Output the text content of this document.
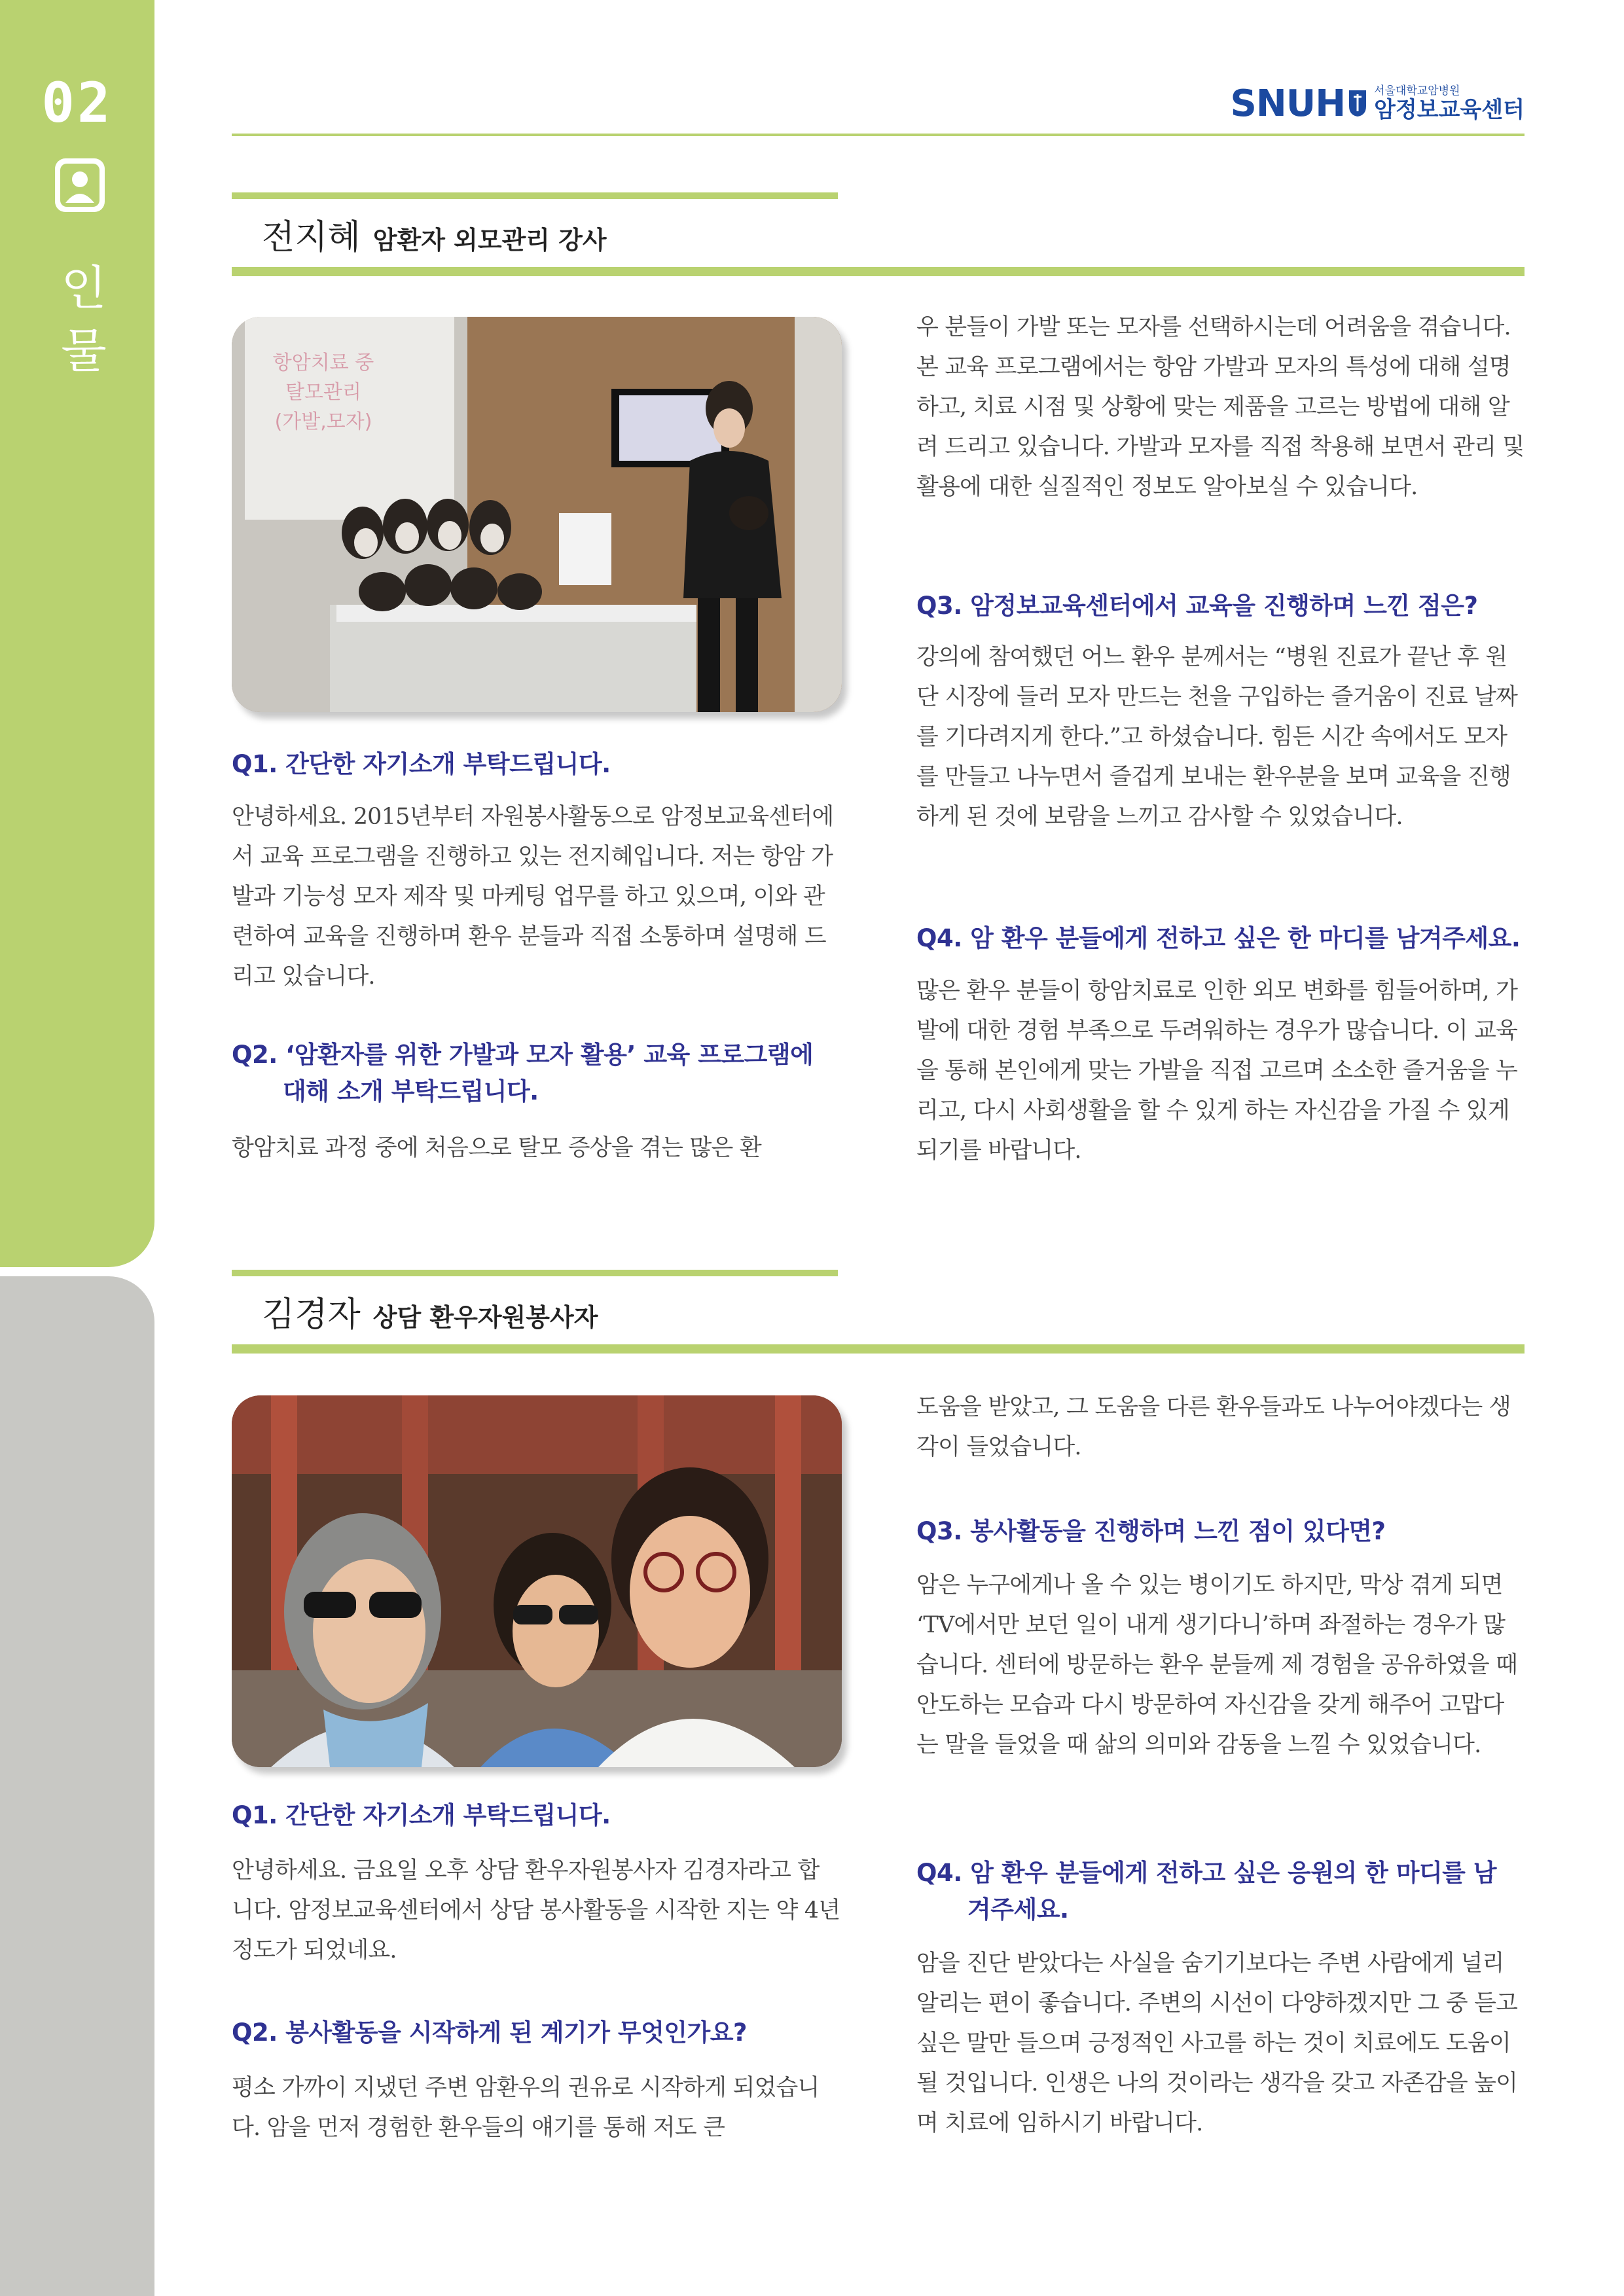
02
인
물
SNUH	서울대학교암병원
암정보교육센터
전지혜 암환자 외모관리 강사
항암치료 중
탈모관리
(가발,모자)
Q1. 간단한 자기소개 부탁드립니다.

안녕하세요. 2015년부터 자원봉사활동으로 암정보교육센터에서 교육 프로그램을 진행하고 있는 전지혜입니다. 저는 항암 가발과 기능성 모자 제작 및 마케팅 업무를 하고 있으며, 이와 관련하여 교육을 진행하며 환우 분들과 직접 소통하며 설명해 드리고 있습니다.

Q2. ‘암환자를 위한 가발과 모자 활용’ 교육 프로그램에
대해 소개 부탁드립니다.

항암치료 과정 중에 처음으로 탈모 증상을 겪는 많은 환

우 분들이 가발 또는 모자를 선택하시는데 어려움을 겪습니다. 본 교육 프로그램에서는 항암 가발과 모자의 특성에 대해 설명하고, 치료 시점 및 상황에 맞는 제품을 고르는 방법에 대해 알려 드리고 있습니다. 가발과 모자를 직접 착용해 보면서 관리 및 활용에 대한 실질적인 정보도 알아보실 수 있습니다.

Q3. 암정보교육센터에서 교육을 진행하며 느낀 점은?

강의에 참여했던 어느 환우 분께서는 “병원 진료가 끝난 후 원단 시장에 들러 모자 만드는 천을 구입하는 즐거움이 진료 날짜를 기다려지게 한다.”고 하셨습니다. 힘든 시간 속에서도 모자를 만들고 나누면서 즐겁게 보내는 환우분을 보며 교육을 진행하게 된 것에 보람을 느끼고 감사할 수 있었습니다.

Q4. 암 환우 분들에게 전하고 싶은 한 마디를 남겨주세요.

많은 환우 분들이 항암치료로 인한 외모 변화를 힘들어하며, 가발에 대한 경험 부족으로 두려워하는 경우가 많습니다. 이 교육을 통해 본인에게 맞는 가발을 직접 고르며 소소한 즐거움을 누리고, 다시 사회생활을 할 수 있게 하는 자신감을 가질 수 있게 되기를 바랍니다.

김경자 상담 환우자원봉사자
Q1. 간단한 자기소개 부탁드립니다.

안녕하세요. 금요일 오후 상담 환우자원봉사자 김경자라고 합니다. 암정보교육센터에서 상담 봉사활동을 시작한 지는 약 4년 정도가 되었네요.

Q2. 봉사활동을 시작하게 된 계기가 무엇인가요?

평소 가까이 지냈던 주변 암환우의 권유로 시작하게 되었습니다. 암을 먼저 경험한 환우들의 얘기를 통해 저도 큰

도움을 받았고, 그 도움을 다른 환우들과도 나누어야겠다는 생각이 들었습니다.

Q3. 봉사활동을 진행하며 느낀 점이 있다면?

암은 누구에게나 올 수 있는 병이기도 하지만, 막상 겪게 되면 ‘TV에서만 보던 일이 내게 생기다니’하며 좌절하는 경우가 많습니다. 센터에 방문하는 환우 분들께 제 경험을 공유하였을 때 안도하는 모습과 다시 방문하여 자신감을 갖게 해주어 고맙다는 말을 들었을 때 삶의 의미와 감동을 느낄 수 있었습니다.

Q4. 암 환우 분들에게 전하고 싶은 응원의 한 마디를 남
겨주세요.

암을 진단 받았다는 사실을 숨기기보다는 주변 사람에게 널리 알리는 편이 좋습니다. 주변의 시선이 다양하겠지만 그 중 듣고 싶은 말만 들으며 긍정적인 사고를 하는 것이 치료에도 도움이 될 것입니다. 인생은 나의 것이라는 생각을 갖고 자존감을 높이며 치료에 임하시기 바랍니다.
